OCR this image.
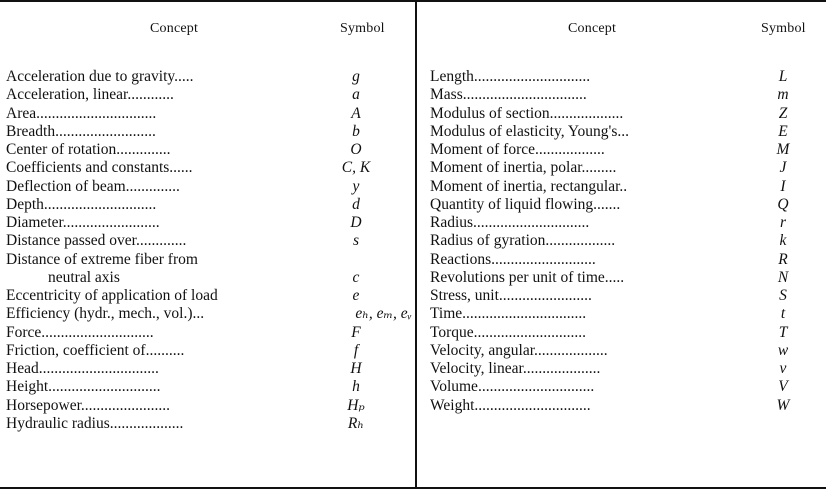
Concept	Symbol
Acceleration due to gravity.....	g
Acceleration, linear............	a
Area...............................	A
Breadth..........................	b
Center of rotation..............	O
Coefficients and constants......	C, K
Deflection of beam..............	y
Depth.............................	d
Diameter.........................	D
Distance passed over.............	s
Distance of extreme fiber from
neutral axis	c
Eccentricity of application of load	e
Efficiency (hydr., mech., vol.)...	eₕ, eₘ, eᵥ
Force.............................	F
Friction, coefficient of..........	f
Head...............................	H
Height.............................	h
Horsepower.......................	Hₚ
Hydraulic radius...................	Rₕ
Concept	Symbol
Length..............................	L
Mass................................	m
Modulus of section...................	Z
Modulus of elasticity, Young's...	E
Moment of force..................	M
Moment of inertia, polar.........	J
Moment of inertia, rectangular..	I
Quantity of liquid flowing.......	Q
Radius..............................	r
Radius of gyration..................	k
Reactions...........................	R
Revolutions per unit of time.....	N
Stress, unit........................	S
Time................................	t
Torque.............................	T
Velocity, angular...................	w
Velocity, linear....................	v
Volume..............................	V
Weight..............................	W
